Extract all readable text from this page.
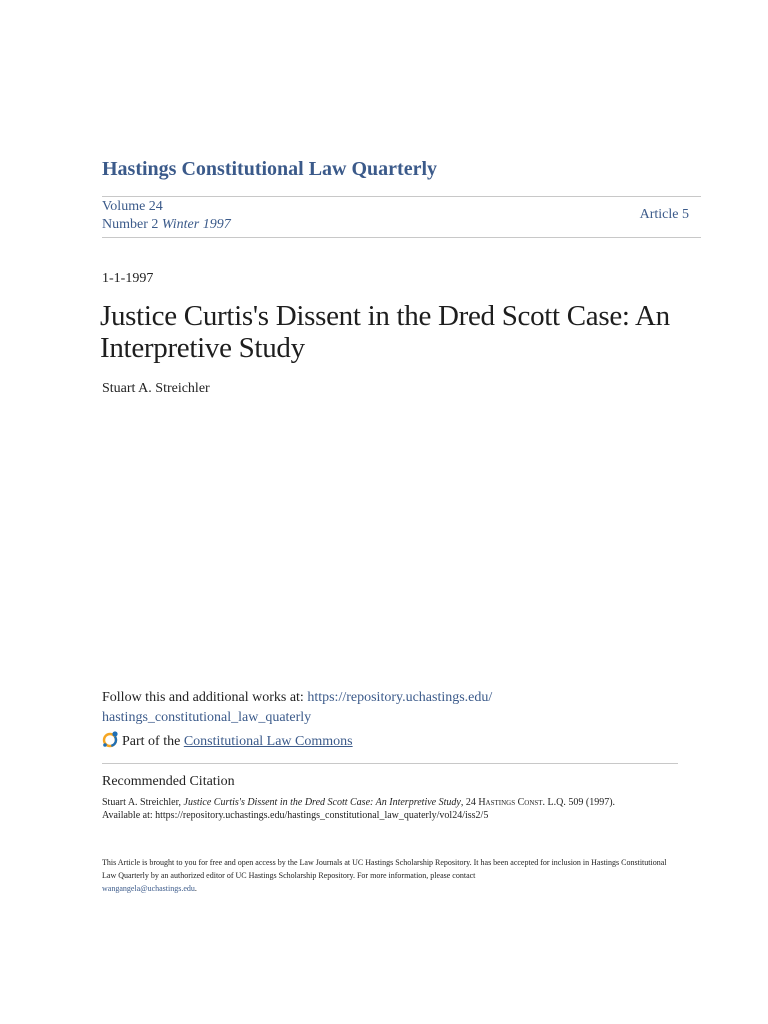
Hastings Constitutional Law Quarterly
Volume 24
Number 2 Winter 1997
Article 5
1-1-1997
Justice Curtis's Dissent in the Dred Scott Case: An Interpretive Study
Stuart A. Streichler
Follow this and additional works at: https://repository.uchastings.edu/
hastings_constitutional_law_quaterly
Part of the Constitutional Law Commons
Recommended Citation
Stuart A. Streichler, Justice Curtis's Dissent in the Dred Scott Case: An Interpretive Study, 24 Hastings Const. L.Q. 509 (1997).
Available at: https://repository.uchastings.edu/hastings_constitutional_law_quaterly/vol24/iss2/5
This Article is brought to you for free and open access by the Law Journals at UC Hastings Scholarship Repository. It has been accepted for inclusion in Hastings Constitutional Law Quarterly by an authorized editor of UC Hastings Scholarship Repository. For more information, please contact
wangangela@uchastings.edu.
